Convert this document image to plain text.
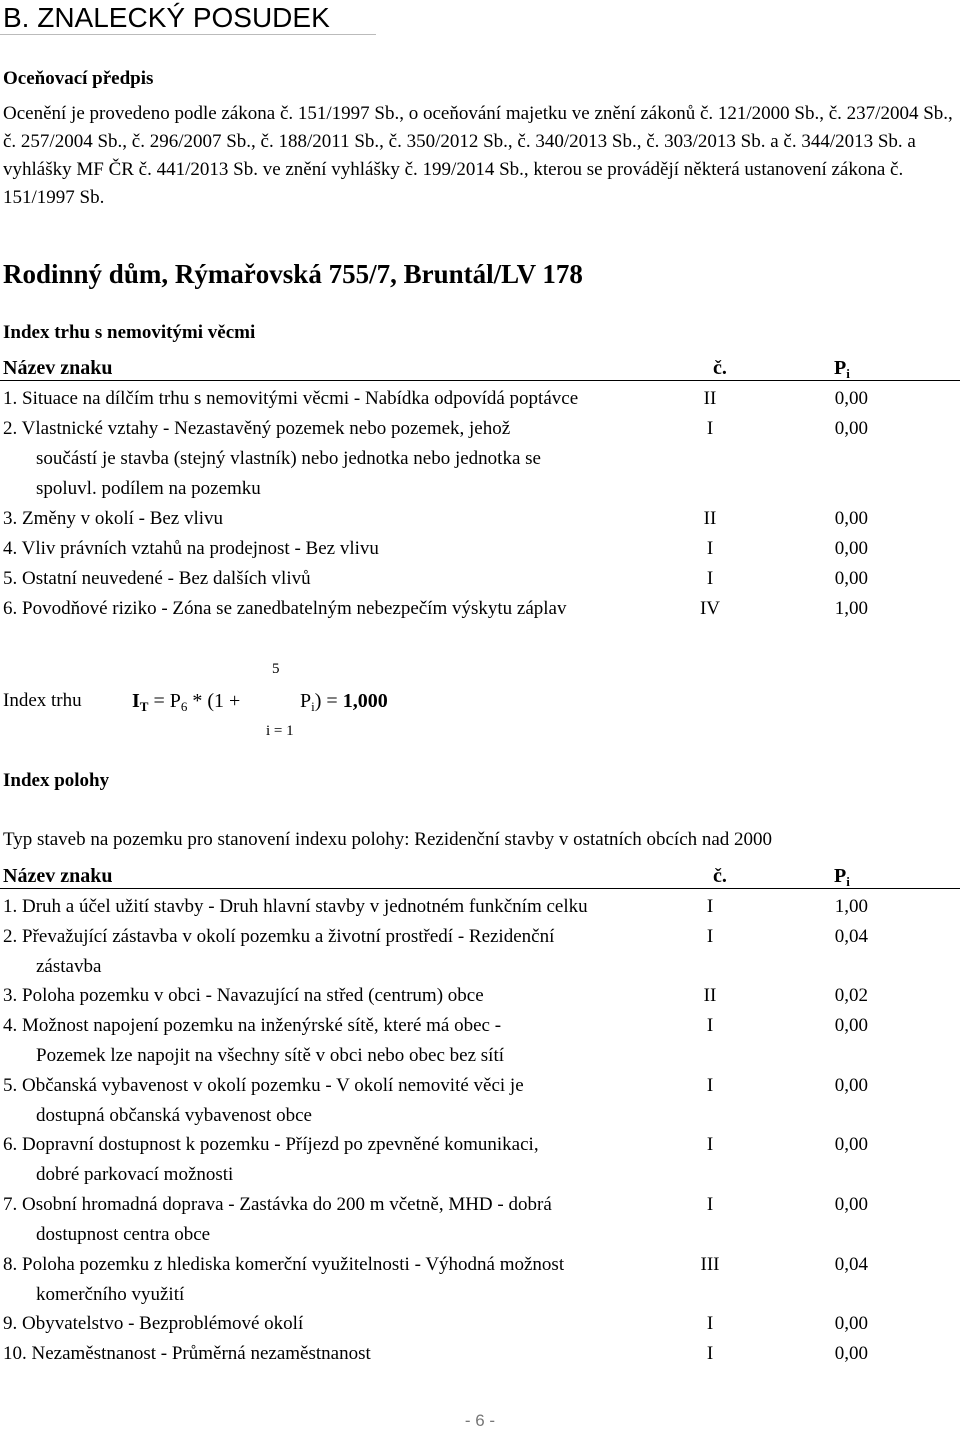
B. ZNALECKÝ POSUDEK
Oceňovací předpis
Ocenění je provedeno podle zákona č. 151/1997 Sb., o oceňování majetku ve znění zákonů č. 121/2000 Sb., č. 237/2004 Sb., č. 257/2004 Sb., č. 296/2007 Sb., č. 188/2011 Sb., č. 350/2012 Sb., č. 340/2013 Sb., č. 303/2013 Sb. a č. 344/2013 Sb. a vyhlášky MF ČR č. 441/2013 Sb. ve znění vyhlášky č. 199/2014 Sb., kterou se provádějí některá ustanovení zákona č. 151/1997 Sb.
Rodinný dům, Rýmařovská 755/7, Bruntál/LV 178
Index trhu s nemovitými věcmi
Název znaku	č.	$P_i$
1. Situace na dílčím trhu s nemovitými věcmi - Nabídka odpovídá poptávce	II	0,00
2. Vlastnické vztahy - Nezastavěný pozemek nebo pozemek, jehož
součástí je stavba (stejný vlastník) nebo jednotka nebo jednotka se
spoluvl. podílem na pozemku
I	0,00
3. Změny v okolí - Bez vlivu	II	0,00
4. Vliv právních vztahů na prodejnost - Bez vlivu	I	0,00
5. Ostatní neuvedené - Bez dalších vlivů	I	0,00
6. Povodňové riziko - Zóna se zanedbatelným nebezpečím výskytu záplav	IV	1,00
5
Index trhu	$I_T = P_6 * (1$ +	$P_i) = 1,000$
i = 1
Index polohy
Typ staveb na pozemku pro stanovení indexu polohy: Rezidenční stavby v ostatních obcích nad 2000
Název znaku	č.	$P_i$
1. Druh a účel užití stavby - Druh hlavní stavby v jednotném funkčním celku	I	1,00
2. Převažující zástavba v okolí pozemku a životní prostředí - Rezidenční
zástavba
I	0,04
3. Poloha pozemku v obci - Navazující na střed (centrum) obce	II	0,02
4. Možnost napojení pozemku na inženýrské sítě, které má obec -
Pozemek lze napojit na všechny sítě v obci nebo obec bez sítí
I	0,00
5. Občanská vybavenost v okolí pozemku - V okolí nemovité věci je
dostupná občanská vybavenost obce
I	0,00
6. Dopravní dostupnost k pozemku - Příjezd po zpevněné komunikaci,
dobré parkovací možnosti
I	0,00
7. Osobní hromadná doprava - Zastávka do 200 m včetně, MHD - dobrá
dostupnost centra obce
I	0,00
8. Poloha pozemku z hlediska komerční využitelnosti - Výhodná možnost
komerčního využití
III	0,04
9. Obyvatelstvo - Bezproblémové okolí	I	0,00
10. Nezaměstnanost - Průměrná nezaměstnanost	I	0,00
- 6 -
